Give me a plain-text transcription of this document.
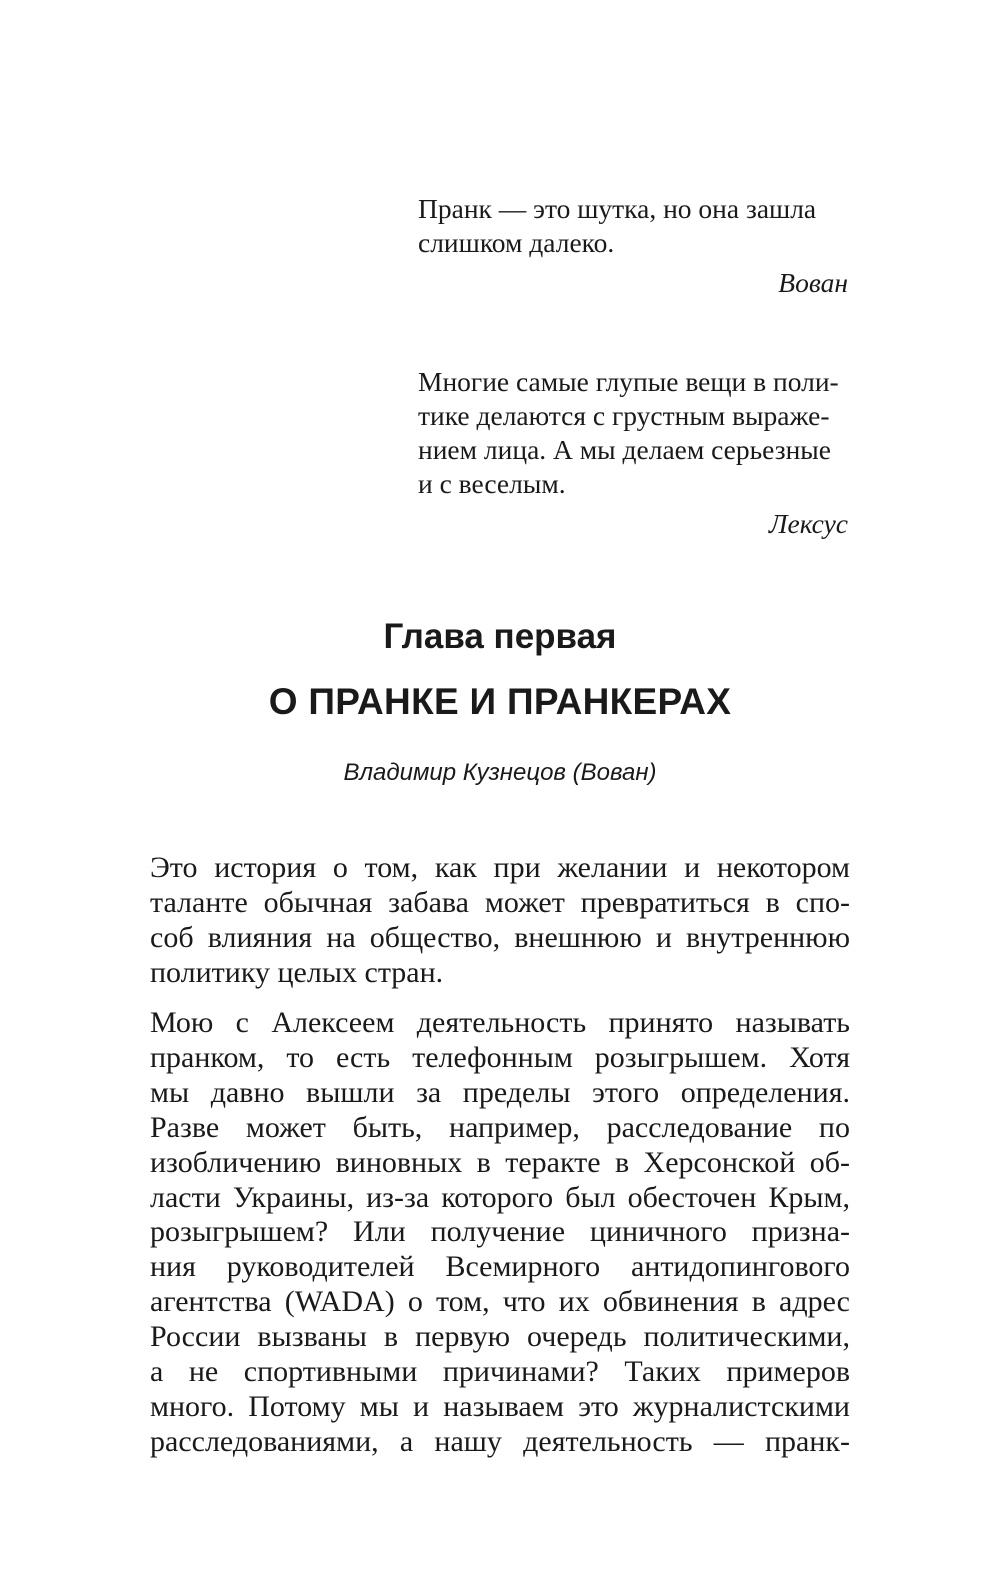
Пранк — это шутка, но она зашла
слишком далеко.
Вован
Многие самые глупые вещи в поли-
тике делаются с грустным выраже-
нием лица. А мы делаем серьезные
и с веселым.
Лексус
Глава первая
О ПРАНКЕ И ПРАНКЕРАХ
Владимир Кузнецов (Вован)
Это история о том, как при желании и некотором
таланте обычная забава может превратиться в спо-
соб влияния на общество, внешнюю и внутреннюю
политику целых стран.
Мою с Алексеем деятельность принято называть
пранком, то есть телефонным розыгрышем. Хотя
мы давно вышли за пределы этого определения.
Разве может быть, например, расследование по
изобличению виновных в теракте в Херсонской об-
ласти Украины, из-за которого был обесточен Крым,
розыгрышем? Или получение циничного призна-
ния руководителей Всемирного антидопингового
агентства (WADA) о том, что их обвинения в адрес
России вызваны в первую очередь политическими,
а не спортивными причинами? Таких примеров
много. Потому мы и называем это журналистскими
расследованиями, а нашу деятельность — пранк-
